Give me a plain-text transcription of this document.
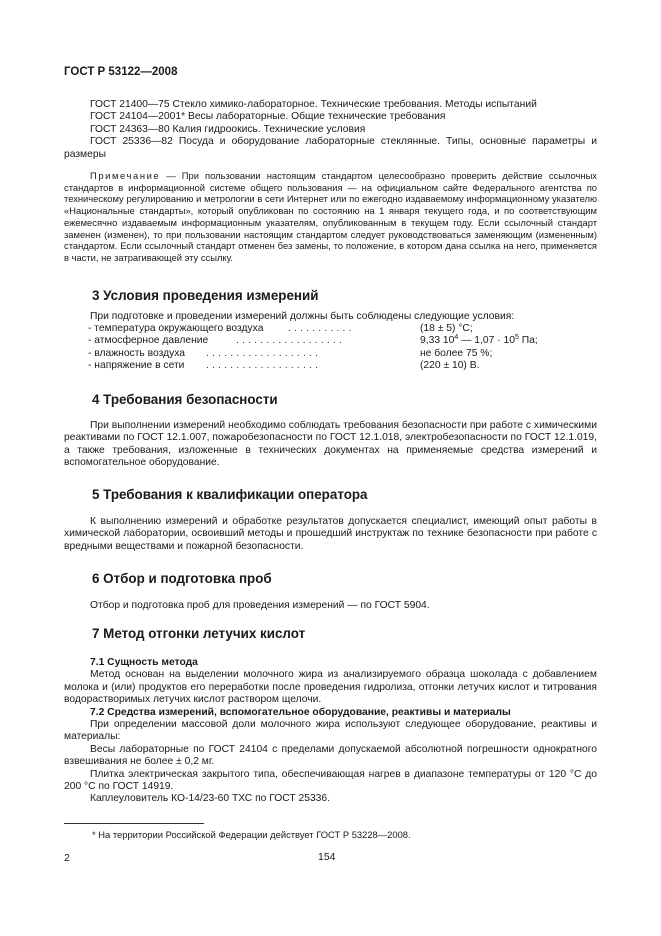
ГОСТ Р 53122—2008
ГОСТ 21400—75 Стекло химико-лабораторное. Технические требования. Методы испытаний
ГОСТ 24104—2001* Весы лабораторные. Общие технические требования
ГОСТ 24363—80 Калия гидроокись. Технические условия
ГОСТ 25336—82 Посуда и оборудование лабораторные стеклянные. Типы, основные параметры и размеры
Примечание — При пользовании настоящим стандартом целесообразно проверить действие ссылочных стандартов в информационной системе общего пользования — на официальном сайте Федерального агентства по техническому регулированию и метрологии в сети Интернет или по ежегодно издаваемому информационному указателю «Национальные стандарты», который опубликован по состоянию на 1 января текущего года, и по соответствующим ежемесячно издаваемым информационным указателям, опубликованным в текущем году. Если ссылочный стандарт заменен (изменен), то при пользовании настоящим стандартом следует руководствоваться заменяющим (измененным) стандартом. Если ссылочный стандарт отменен без замены, то положение, в котором дана ссылка на него, применяется в части, не затрагивающей эту ссылку.
3 Условия проведения измерений
При подготовке и проведении измерений должны быть соблюдены следующие условия:
- температура окружающего воздуха ...........	(18 ± 5) °С;
- атмосферное давление	..................	9,33 $10^4$ — $1,07 \cdot 10^5$ Па;
- влажность воздуха ...................	не более 75 %;
- напряжение в сети ...................	(220 ± 10) В.
4 Требования безопасности
При выполнении измерений необходимо соблюдать требования безопасности при работе с химическими реактивами по ГОСТ 12.1.007, пожаробезопасности по ГОСТ 12.1.018, электробезопасности по ГОСТ 12.1.019, а также требования, изложенные в технических документах на применяемые средства измерений и вспомогательное оборудование.
5 Требования к квалификации оператора
К выполнению измерений и обработке результатов допускается специалист, имеющий опыт работы в химической лаборатории, освоивший методы и прошедший инструктаж по технике безопасности при работе с вредными веществами и пожарной безопасности.
6 Отбор и подготовка проб
Отбор и подготовка проб для проведения измерений — по ГОСТ 5904.
7 Метод отгонки летучих кислот
7.1 Сущность метода
Метод основан на выделении молочного жира из анализируемого образца шоколада с добавлением молока и (или) продуктов его переработки после проведения гидролиза, отгонки летучих кислот и титрования водорастворимых летучих кислот раствором щелочи.
7.2 Средства измерений, вспомогательное оборудование, реактивы и материалы
При определении массовой доли молочного жира используют следующее оборудование, реактивы и материалы:
Весы лабораторные по ГОСТ 24104 с пределами допускаемой абсолютной погрешности однократного взвешивания не более ± 0,2 мг.
Плитка электрическая закрытого типа, обеспечивающая нагрев в диапазоне температуры от 120 °С до 200 °С по ГОСТ 14919.
Каплеуловитель КО-14/23-60 ТХС по ГОСТ 25336.
* На территории Российской Федерации действует ГОСТ Р 53228—2008.
2	154
